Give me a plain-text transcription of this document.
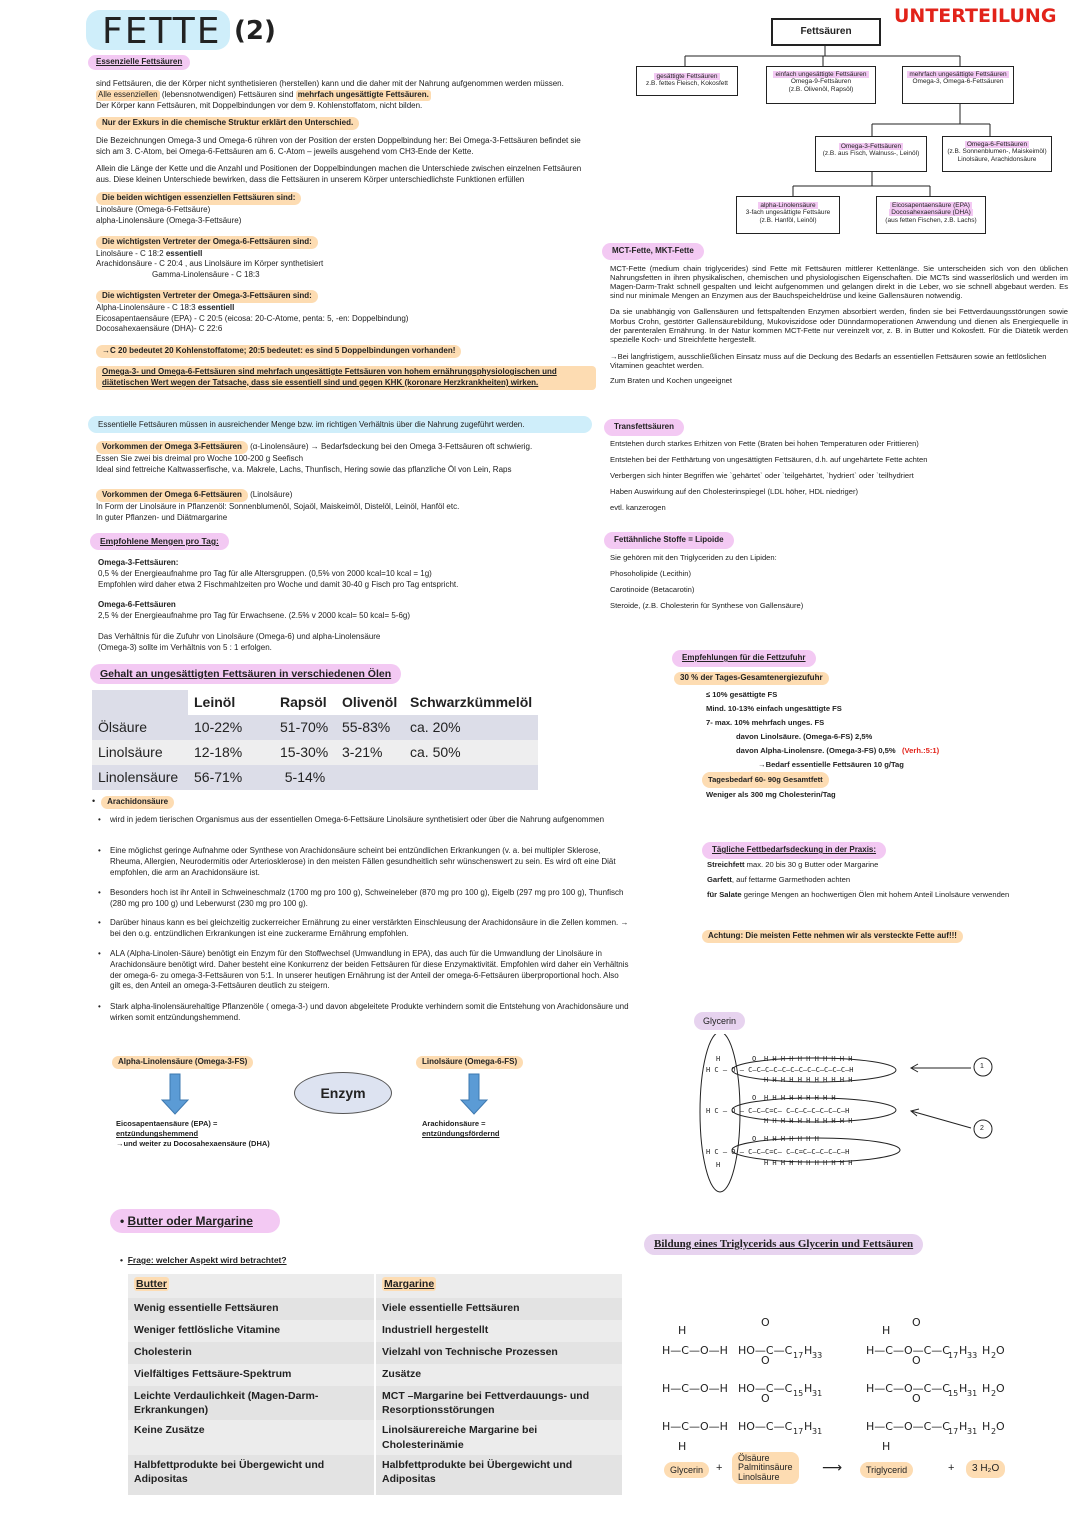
FETTE (2)	UNTERTEILUNG
Fettsäuren
gesättigte Fettsäuren
z.B. fettes Fleisch, Kokosfett
einfach ungesättigte Fettsäuren
Omega-9-Fettsäuren
(z.B. Olivenöl, Rapsöl)
mehrfach ungesättigte Fettsäuren
Omega-3, Omega-6-Fettsäuren
Omega-3-Fettsäuren
(z.B. aus Fisch, Walnuss-, Leinöl)
Omega-6-Fettsäuren
(z.B. Sonnenblumen-, Maiskeimöl)
Linolsäure, Arachidonsäure
alpha-Linolensäure
3-fach ungesättigte Fettsäure
(z.B. Hanföl, Leinöl)
Eicosapentaensäure (EPA)
Docosahexaensäure (DHA)
(aus fetten Fischen, z.B. Lachs)
Essenzielle Fettsäuren

sind Fettsäuren, die der Körper nicht synthetisieren (herstellen) kann und die daher mit der Nahrung aufgenommen werden müssen.

Alle essenziellen (lebensnotwendigen) Fettsäuren sind mehrfach ungesättigte Fettsäuren.

Der Körper kann Fettsäuren, mit Doppelbindungen vor dem 9. Kohlenstoffatom, nicht bilden.

Nur der Exkurs in die chemische Struktur erklärt den Unterschied.

Die Bezeichnungen Omega-3 und Omega-6 rühren von der Position der ersten Doppelbindung her: Bei Omega-3-Fettsäuren befindet sie sich am 3. C-Atom, bei Omega-6-Fettsäuren am 6. C-Atom – jeweils ausgehend vom CH3-Ende der Kette.

Allein die Länge der Kette und die Anzahl und Positionen der Doppelbindungen machen die Unterschiede zwischen einzelnen Fettsäuren aus. Diese kleinen Unterschiede bewirken, dass die Fettsäuren in unserem Körper unterschiedlichste Funktionen erfüllen

Die beiden wichtigen essenziellen Fettsäuren sind:

Linolsäure (Omega-6-Fettsäure)

alpha-Linolensäure (Omega-3-Fettsäure)

Die wichtigsten Vertreter der Omega-6-Fettsäuren sind:

Linolsäure - C 18:2 essentiell

Arachidonsäure - C 20:4 , aus Linolsäure im Körper synthetisiert

Gamma-Linolensäure - C 18:3

Die wichtigsten Vertreter der Omega-3-Fettsäuren sind:

Alpha-Linolensäure - C 18:3 essentiell

Eicosapentaensäure (EPA) - C 20:5 (eicosa: 20-C-Atome, penta: 5, -en: Doppelbindung)

Docosahexaensäure (DHA)- C 22:6

→C 20 bedeutet 20 Kohlenstoffatome; 20:5 bedeutet: es sind 5 Doppelbindungen vorhanden!

Omega-3- und Omega-6-Fettsäuren sind mehrfach ungesättigte Fettsäuren von hohem ernährungsphysiologischen und diätetischen Wert wegen der Tatsache, dass sie essentiell sind und gegen KHK (koronare Herzkrankheiten) wirken.

Essentielle Fettsäuren müssen in ausreichender Menge bzw. im richtigen Verhältnis über die Nahrung zugeführt werden.

Vorkommen der Omega 3-Fettsäuren (α-Linolensäure) → Bedarfsdeckung bei den Omega 3-Fettsäuren oft schwierig.

Essen Sie zwei bis dreimal pro Woche 100-200 g Seefisch

Ideal sind fettreiche Kaltwasserfische, v.a. Makrele, Lachs, Thunfisch, Hering sowie das pflanzliche Öl von Lein, Raps

Vorkommen der Omega 6-Fettsäuren (Linolsäure)

In Form der Linolsäure in Pflanzenöl: Sonnenblumenöl, Sojaöl, Maiskeimöl, Distelöl, Leinöl, Hanföl etc.

In guter Pflanzen- und Diätmargarine

Empfohlene Mengen pro Tag:

Omega-3-Fettsäuren:

0,5 % der Energieaufnahme pro Tag für alle Altersgruppen. (0,5% von 2000 kcal=10 kcal = 1g)

Empfohlen wird daher etwa 2 Fischmahlzeiten pro Woche und damit 30-40 g Fisch pro Tag entspricht.

Omega-6-Fettsäuren

2,5 % der Energieaufnahme pro Tag für Erwachsene. (2.5% v 2000 kcal= 50 kcal= 5-6g)

Das Verhältnis für die Zufuhr von Linolsäure (Omega-6) und alpha-Linolensäure

(Omega-3) sollte im Verhältnis von 5 : 1 erfolgen.

Gehalt an ungesättigten Fettsäuren in verschiedenen Ölen
	Leinöl	Rapsöl	Olivenöl	Schwarzkümmelöl
Ölsäure	10-22%	51-70%	55-83%	ca. 20%
Linolsäure	12-18%	15-30%	3-21%	ca. 50%
Linolensäure	56-71%	5-14%		
• Arachidonsäure
• wird in jedem tierischen Organismus aus der essentiellen Omega-6-Fettsäure Linolsäure synthetisiert oder über die Nahrung aufgenommen
• Eine möglichst geringe Aufnahme oder Synthese von Arachidonsäure scheint bei entzündlichen Erkrankungen (v. a. bei multipler Sklerose, Rheuma, Allergien, Neurodermitis oder Arteriosklerose) in den meisten Fällen gesundheitlich sehr wünschenswert zu sein. Es wird oft eine Diät empfohlen, die arm an Arachidonsäure ist.
• Besonders hoch ist ihr Anteil in Schweineschmalz (1700 mg pro 100 g), Schweineleber (870 mg pro 100 g), Eigelb (297 mg pro 100 g), Thunfisch (280 mg pro 100 g) und Leberwurst (230 mg pro 100 g).
• Darüber hinaus kann es bei gleichzeitig zuckerreicher Ernährung zu einer verstärkten Einschleusung der Arachidonsäure in die Zellen kommen. → bei den o.g. entzündlichen Erkrankungen ist eine zuckerarme Ernährung empfohlen.
• ALA (Alpha-Linolen-Säure) benötigt ein Enzym für den Stoffwechsel (Umwandlung in EPA), das auch für die Umwandlung der Linolsäure in Arachidonsäure benötigt wird. Daher besteht eine Konkurrenz der beiden Fettsäuren für diese Enzymaktivität. Empfohlen wird daher ein Verhältnis der omega-6- zu omega-3-Fettsäuren von 5:1. In unserer heutigen Ernährung ist der Anteil der omega-6-Fettsäuren überproportional hoch. Also gilt es, den Anteil an omega-3-Fettsäuren deutlich zu steigern.
• Stark alpha-linolensäurehaltige Pflanzenöle ( omega-3-) und davon abgeleitete Produkte verhindern somit die Entstehung von Arachidonsäure und wirken somit entzündungshemmend.
Alpha-Linolensäure (Omega-3-FS)	Linolsäure (Omega-6-FS)
Enzym
Eicosapentaensäure (EPA) =
entzündungshemmend
→und weiter zu Docosahexaensäure (DHA)
Arachidonsäure =
entzündungsfördernd
• Butter oder Margarine
•  Frage: welcher Aspekt wird betrachtet?
Butter	Margarine
Wenig essentielle Fettsäuren	Viele essentielle Fettsäuren
Weniger fettlösliche Vitamine	Industriell hergestellt
Cholesterin	Vielzahl von Technische Prozessen
Vielfältiges Fettsäure-Spektrum	Zusätze
Leichte Verdaulichkeit (Magen-Darm-Erkrankungen)	MCT –Margarine bei Fettverdauungs- und Resorptionsstörungen
Keine Zusätze	Linolsäurereiche Margarine bei Cholesterinämie
Halbfettprodukte bei Übergewicht und Adipositas	Halbfettprodukte bei Übergewicht und Adipositas
MCT-Fette, MKT-Fette

MCT-Fette (medium chain triglycerides) sind Fette mit Fettsäuren mittlerer Kettenlänge. Sie unterscheiden sich von den üblichen Nahrungsfetten in ihren physikalischen, chemischen und physiologischen Eigenschaften. Die MCTs sind wasserlöslich und werden im Magen-Darm-Trakt schnell gespalten und leicht aufgenommen und gelangen direkt in die Leber, wo sie schnell abgebaut werden. Es sind nur minimale Mengen an Enzymen aus der Bauchspeicheldrüse und keine Gallensäuren notwendig.

Da sie unabhängig von Gallensäuren und fettspaltenden Enzymen absorbiert werden, finden sie bei Fettverdauungsstörungen sowie Morbus Crohn, gestörter Gallensäurebildung, Mukoviszidose oder Dünndarmoperationen Anwendung und dienen als Energiequelle in der parenteralen Ernährung. In der Natur kommen MCT-Fette nur vereinzelt vor, z. B. in Butter und Kokosfett. Für die Diätetik werden spezielle Koch- und Streichfette hergestellt.

→Bei langfristigem, ausschließlichen Einsatz muss auf die Deckung des Bedarfs an essentiellen Fettsäuren sowie an fettlöslichen Vitaminen geachtet werden.

Zum Braten und Kochen ungeeignet

Transfettsäuren

Entstehen durch starkes Erhitzen von Fette (Braten bei hohen Temperaturen oder Frittieren)

Entstehen bei der Fetthärtung von ungesättigten Fettsäuren, d.h. auf ungehärtete Fette achten

Verbergen sich hinter Begriffen wie `gehärtet` oder `teilgehärtet, `hydriert` oder `teilhydriert

Haben Auswirkung auf den Cholesterinspiegel (LDL höher, HDL niedriger)

evtl. kanzerogen

Fettähnliche Stoffe = Lipoide

Sie gehören mit den Triglyceriden zu den Lipiden:

Phosoholipide (Lecithin)

Carotinoide (Betacarotin)

Steroide, (z.B. Cholesterin für Synthese von Gallensäure)

Empfehlungen für die Fettzufuhr
30 % der Tages-Gesamtenergiezufuhr

≤ 10% gesättigte FS

Mind. 10-13% einfach ungesättigte FS

7- max. 10% mehrfach unges. FS

davon Linolsäure. (Omega-6-FS) 2,5%

davon Alpha-Linolensre. (Omega-3-FS) 0,5% (Verh.:5:1)

→Bedarf essentielle Fettsäuren 10 g/Tag

Tagesbedarf 60- 90g Gesamtfett

Weniger als 300 mg Cholesterin/Tag

Tägliche Fettbedarfsdeckung in der Praxis:

Streichfett max. 20 bis 30 g Butter oder Margarine

Garfett, auf fettarme Garmethoden achten

für Salate geringe Mengen an hochwertigen Ölen mit hohem Anteil Linolsäure verwenden

Achtung: Die meisten Fette nehmen wir als versteckte Fette auf!!!
Glycerin
H
H C — O — C—C—C—C—C—C—C—C—C—C—C—C—H
O H H H H H H H H H H H
H H H H H H H H H H H
H C — O — C—C—C=C— C—C—C—C—C—C—C—H
O H H H H H H H H H
H H H H H H H H H H H
H C — O — C—C—C=C— C—C=C—C—C—C—C—H
O H H H H H H H
H H H H H H H H H H H
H
1
2
Bildung eines Triglycerids aus Glycerin und Fettsäuren
H
H—C—O—H
H—C—O—H
H—C—O—H
H
HO—C—C 17 H 33
HO—C—C 15 H 31
HO—C—C 17 H 31
O
O
O
H
H—C—O—C—C
17 H 33
H—C—O—C—C
15 H 31
H—C—O—C—C
17 H 31
H
O
O
O
H 2 O
H 2 O
H 2 O
Glycerin	+
Ölsäure
Palmitinsäure
Linolsäure
⟶	Triglycerid	+	3 H₂O
